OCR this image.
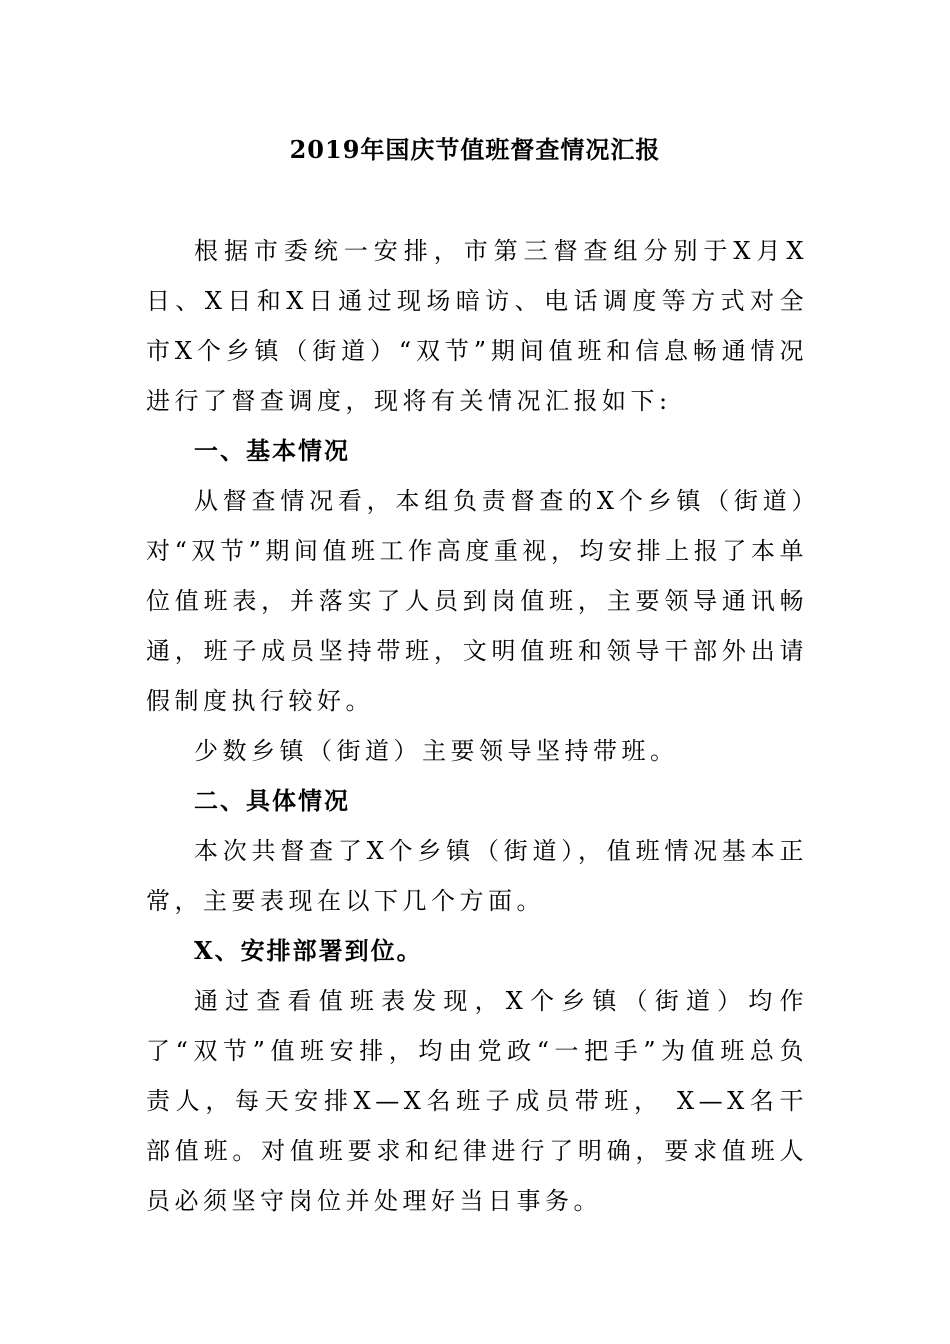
2019年国庆节值班督查情况汇报

根据市委统一安排，市第三督查组分别于X月X日、X日和X日通过现场暗访、电话调度等方式对全市X个乡镇（街道）“双节”期间值班和信息畅通情况进行了督查调度，现将有关情况汇报如下:

一、基本情况

从督查情况看，本组负责督查的X个乡镇（街道）对“双节”期间值班工作高度重视，均安排上报了本单位值班表，并落实了人员到岗值班，主要领导通讯畅通，班子成员坚持带班，文明值班和领导干部外出请假制度执行较好。

少数乡镇（街道）主要领导坚持带班。

二、具体情况

本次共督查了X个乡镇（街道），值班情况基本正常，主要表现在以下几个方面。

X、安排部署到位。

通过查看值班表发现，X个乡镇（街道）均作了“双节”值班安排，均由党政“一把手”为值班总负责人，每天安排X—X名班子成员带班， X—X名干部值班。对值班要求和纪律进行了明确，要求值班人员必须坚守岗位并处理好当日事务。
